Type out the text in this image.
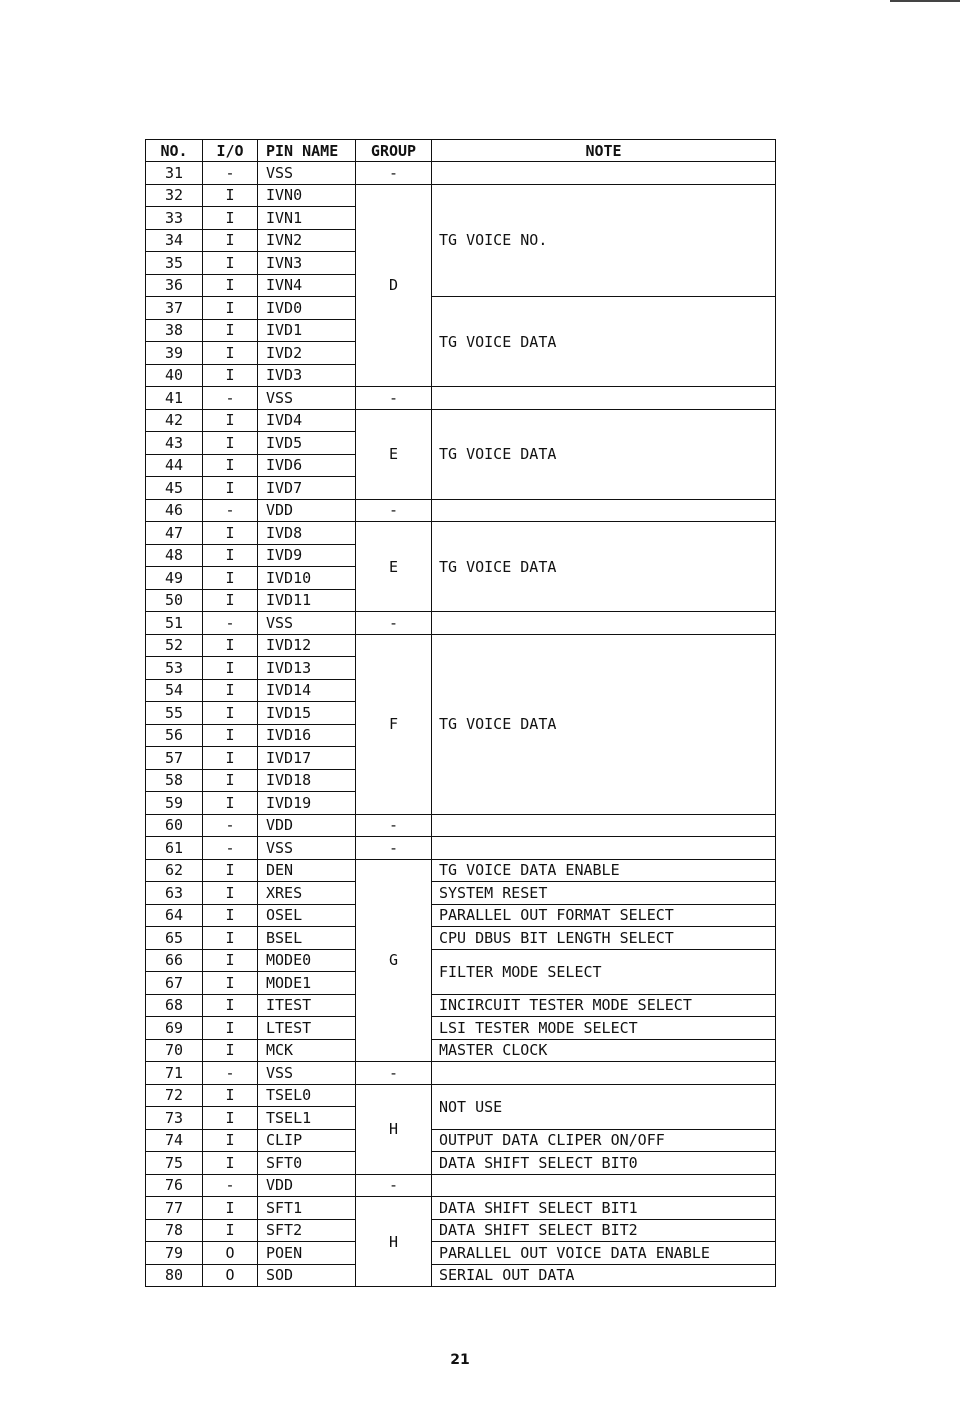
NO.	I/O	PIN NAME	GROUP	NOTE
31	-	VSS	-	
32	I	IVN0	D	TG VOICE NO.
33	I	IVN1		
34	I	IVN2		
35	I	IVN3		
36	I	IVN4		
37	I	IVD0		TG VOICE DATA
38	I	IVD1		
39	I	IVD2		
40	I	IVD3		
41	-	VSS	-	
42	I	IVD4	E	TG VOICE DATA
43	I	IVD5		
44	I	IVD6		
45	I	IVD7		
46	-	VDD	-	
47	I	IVD8	E	TG VOICE DATA
48	I	IVD9		
49	I	IVD10		
50	I	IVD11		
51	-	VSS	-	
52	I	IVD12	F	TG VOICE DATA
53	I	IVD13		
54	I	IVD14		
55	I	IVD15		
56	I	IVD16		
57	I	IVD17		
58	I	IVD18		
59	I	IVD19		
60	-	VDD	-	
61	-	VSS	-	
62	I	DEN	G	TG VOICE DATA ENABLE
63	I	XRES		SYSTEM RESET
64	I	OSEL		PARALLEL OUT FORMAT SELECT
65	I	BSEL		CPU DBUS BIT LENGTH SELECT
66	I	MODE0		FILTER MODE SELECT
67	I	MODE1		
68	I	ITEST		INCIRCUIT TESTER MODE SELECT
69	I	LTEST		LSI TESTER MODE SELECT
70	I	MCK		MASTER CLOCK
71	-	VSS	-	
72	I	TSEL0	H	NOT USE
73	I	TSEL1		
74	I	CLIP		OUTPUT DATA CLIPER ON/OFF
75	I	SFT0		DATA SHIFT SELECT BIT0
76	-	VDD	-	
77	I	SFT1	H	DATA SHIFT SELECT BIT1
78	I	SFT2		DATA SHIFT SELECT BIT2
79	O	POEN		PARALLEL OUT VOICE DATA ENABLE
80	O	SOD		SERIAL OUT DATA
21
